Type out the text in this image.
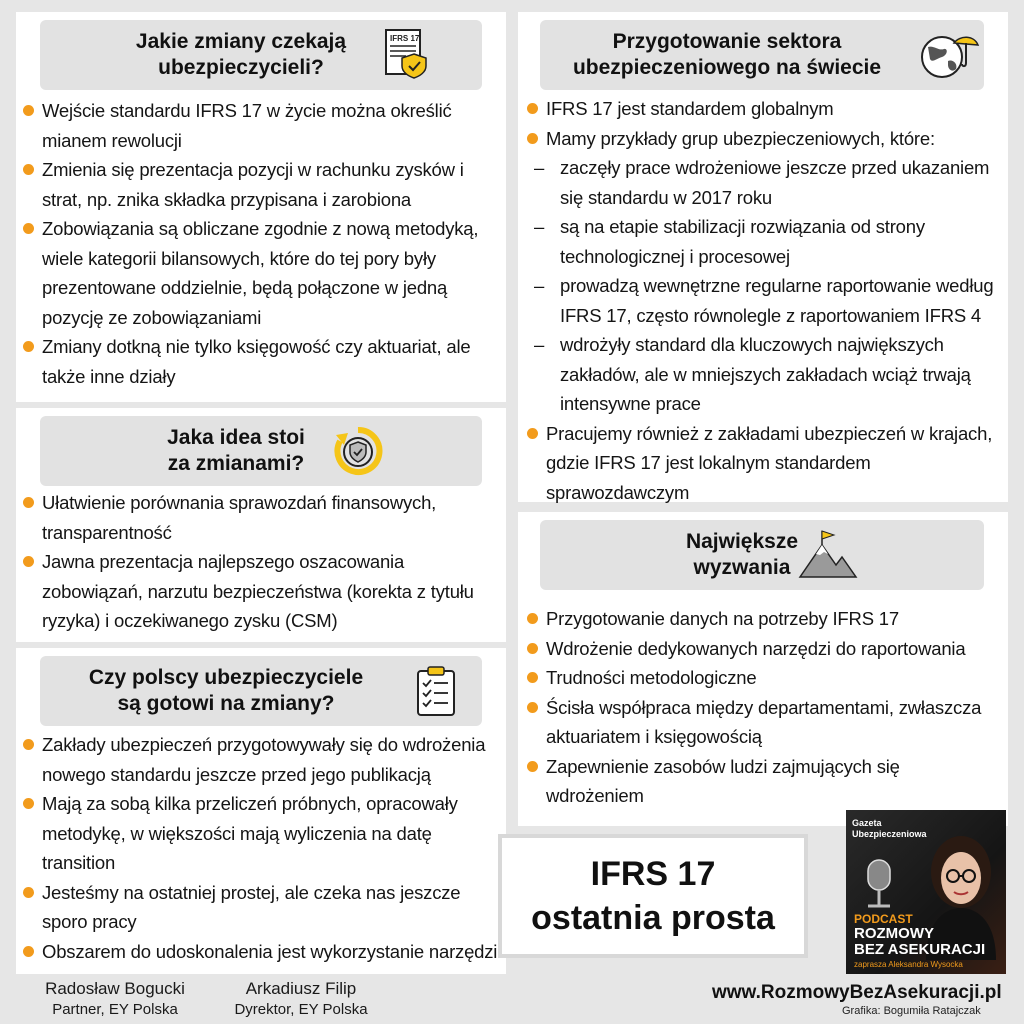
Jakie zmiany czekają
ubezpieczycieli?
IFRS 17
Wejście standardu IFRS 17 w życie można określić mianem rewolucji
Zmienia się prezentacja pozycji w rachunku zysków i strat, np. znika składka przypisana i zarobiona
Zobowiązania są obliczane zgodnie z nową metodyką, wiele kategorii bilansowych, które do tej pory były prezentowane oddzielnie, będą połączone w jedną pozycję ze zobowiązaniami
Zmiany dotkną nie tylko księgowość czy aktuariat, ale także inne działy
Jaka idea stoi
za zmianami?
Ułatwienie porównania sprawozdań finansowych, transparentność
Jawna prezentacja najlepszego oszacowania zobowiązań, narzutu bezpieczeństwa (korekta z tytułu ryzyka) i oczekiwanego zysku (CSM)
Czy polscy ubezpieczyciele
są gotowi na zmiany?
Zakłady ubezpieczeń przygotowywały się do wdrożenia nowego standardu jeszcze przed jego publikacją
Mają za sobą kilka przeliczeń próbnych, opracowały metodykę, w większości mają wyliczenia na datę transition
Jesteśmy na ostatniej prostej, ale czeka nas jeszcze sporo pracy
Obszarem do udoskonalenia jest wykorzystanie narzędzi
Przygotowanie sektora
ubezpieczeniowego na świecie
IFRS 17 jest standardem globalnym
Mamy przykłady grup ubezpieczeniowych, które:
– zaczęły prace wdrożeniowe jeszcze przed ukazaniem się standardu w 2017 roku
– są na etapie stabilizacji rozwiązania od strony technologicznej i procesowej
– prowadzą wewnętrzne regularne raportowanie według IFRS 17, często równolegle z raportowaniem IFRS 4
– wdrożyły standard dla kluczowych największych zakładów, ale w mniejszych zakładach wciąż trwają intensywne prace
Pracujemy również z zakładami ubezpieczeń w krajach, gdzie IFRS 17 jest lokalnym standardem sprawozdawczym
Największe
wyzwania
Przygotowanie danych na potrzeby IFRS 17
Wdrożenie dedykowanych narzędzi do raportowania
Trudności metodologiczne
Ścisła współpraca między departamentami, zwłaszcza aktuariatem i księgowością
Zapewnienie zasobów ludzi zajmujących się wdrożeniem
IFRS 17
ostatnia prosta
Gazeta
Ubezpieczeniowa
PODCAST
ROZMOWY
BEZ ASEKURACJI
zaprasza Aleksandra Wysocka
Radosław Bogucki
Partner, EY Polska
Arkadiusz Filip
Dyrektor, EY Polska
www.RozmowyBezAsekuracji.pl
Grafika: Bogumiła Ratajczak
